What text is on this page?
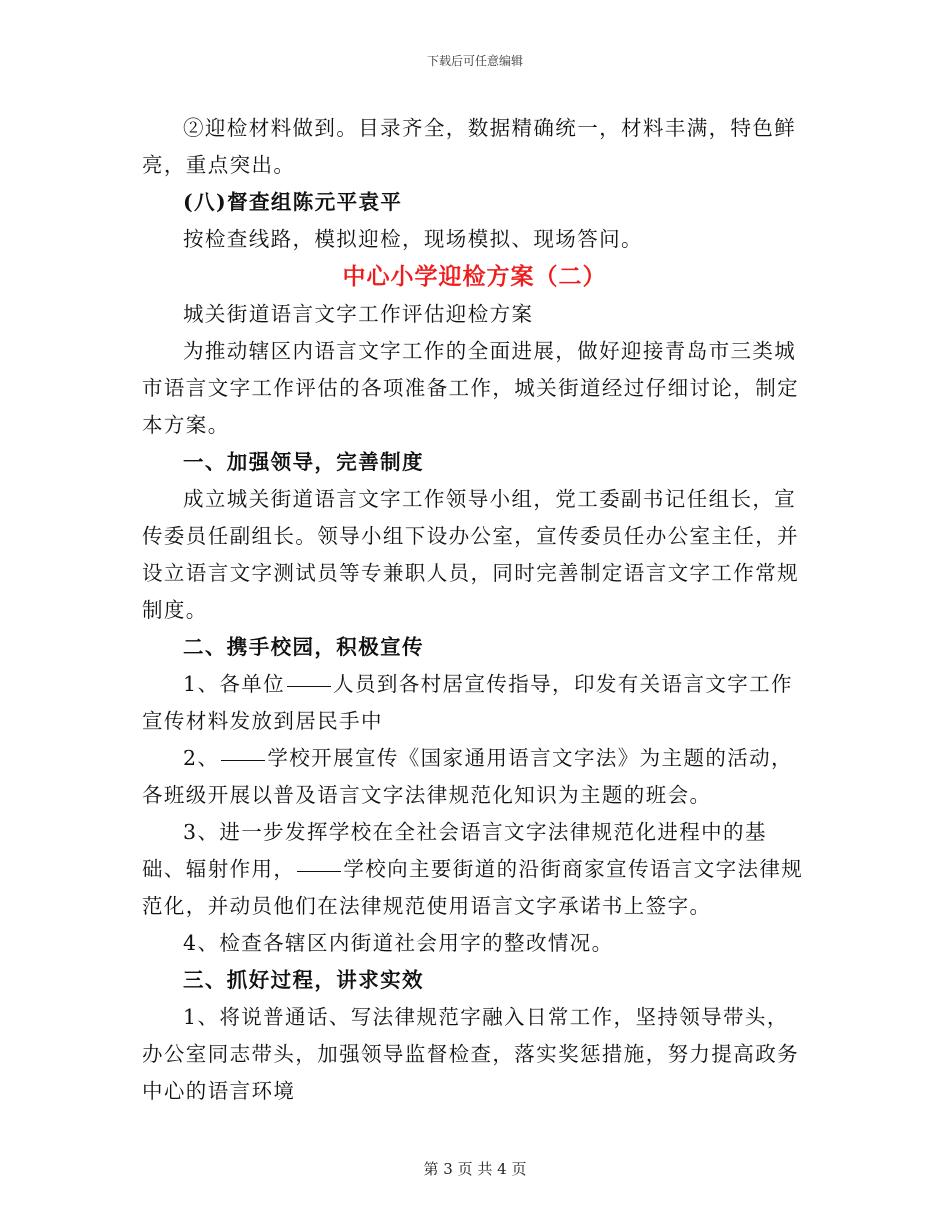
下载后可任意编辑

②迎检材料做到。目录齐全，数据精确统一，材料丰满，特色鲜亮，重点突出。

(八)督查组陈元平袁平

按检查线路，模拟迎检，现场模拟、现场答问。

中心小学迎检方案（二）

城关街道语言文字工作评估迎检方案

为推动辖区内语言文字工作的全面进展，做好迎接青岛市三类城市语言文字工作评估的各项准备工作，城关街道经过仔细讨论，制定本方案。

一、加强领导，完善制度

成立城关街道语言文字工作领导小组，党工委副书记任组长，宣传委员任副组长。领导小组下设办公室，宣传委员任办公室主任，并设立语言文字测试员等专兼职人员，同时完善制定语言文字工作常规制度。

二、携手校园，积极宣传

1、各单位 人员到各村居宣传指导，印发有关语言文字工作宣传材料发放到居民手中

2、 学校开展宣传《国家通用语言文字法》为主题的活动，各班级开展以普及语言文字法律规范化知识为主题的班会。

3、进一步发挥学校在全社会语言文字法律规范化进程中的基础、辐射作用， 学校向主要街道的沿街商家宣传语言文字法律规范化，并动员他们在法律规范使用语言文字承诺书上签字。

4、检查各辖区内街道社会用字的整改情况。

三、抓好过程，讲求实效

1、将说普通话、写法律规范字融入日常工作，坚持领导带头，办公室同志带头，加强领导监督检查，落实奖惩措施，努力提高政务中心的语言环境

第 3 页 共 4 页
